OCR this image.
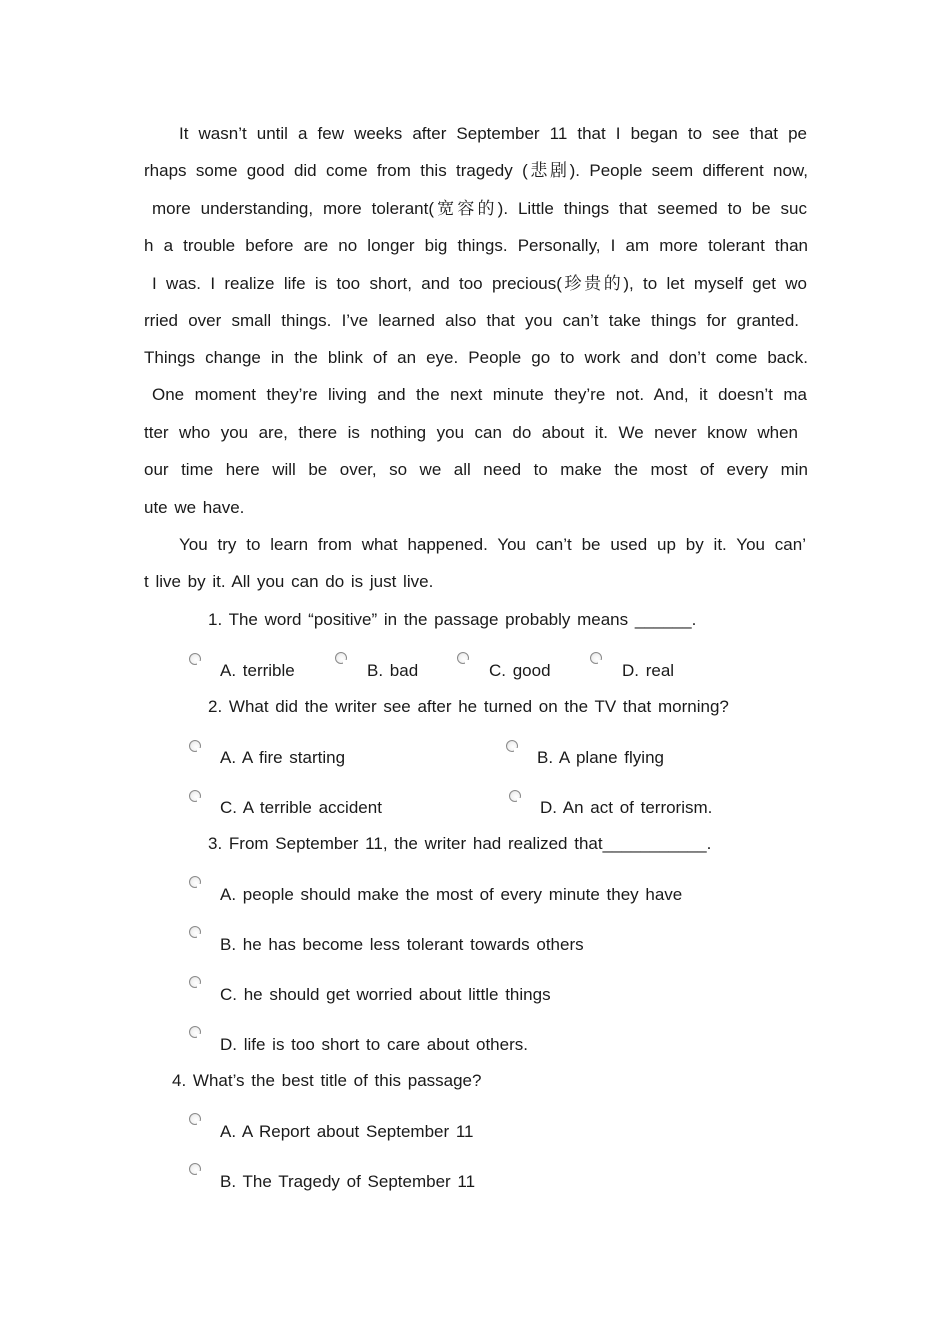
It wasn’t until a few weeks after September 11 that I began to see that pe
rhaps some good did come from this tragedy (悲剧). People seem different now,
more understanding, more tolerant(宽容的). Little things that seemed to be suc
h a trouble before are no longer big things. Personally, I am more tolerant than
I was. I realize life is too short, and too precious(珍贵的), to let myself get wo
rried over small things. I’ve learned also that you can’t take things for granted.
Things change in the blink of an eye. People go to work and don’t come back.
One moment they’re living and the next minute they’re not. And, it doesn’t ma
tter who you are, there is nothing you can do about it. We never know when
our time here will be over, so we all need to make the most of every min
ute we have.
You try to learn from what happened. You can’t be used up by it. You can’
t live by it. All you can do is just live.
1. The word “positive” in the passage probably means ______.
A. terrible	B. bad	C. good	D. real
2. What did the writer see after he turned on the TV that morning?
A. A fire starting	B. A plane flying
C. A terrible accident	D. An act of terrorism.
3. From September 11, the writer had realized that___________.
A. people should make the most of every minute they have
B. he has become less tolerant towards others
C. he should get worried about little things
D. life is too short to care about others.
4. What’s the best title of this passage?
A. A Report about September 11
B. The Tragedy of September 11
